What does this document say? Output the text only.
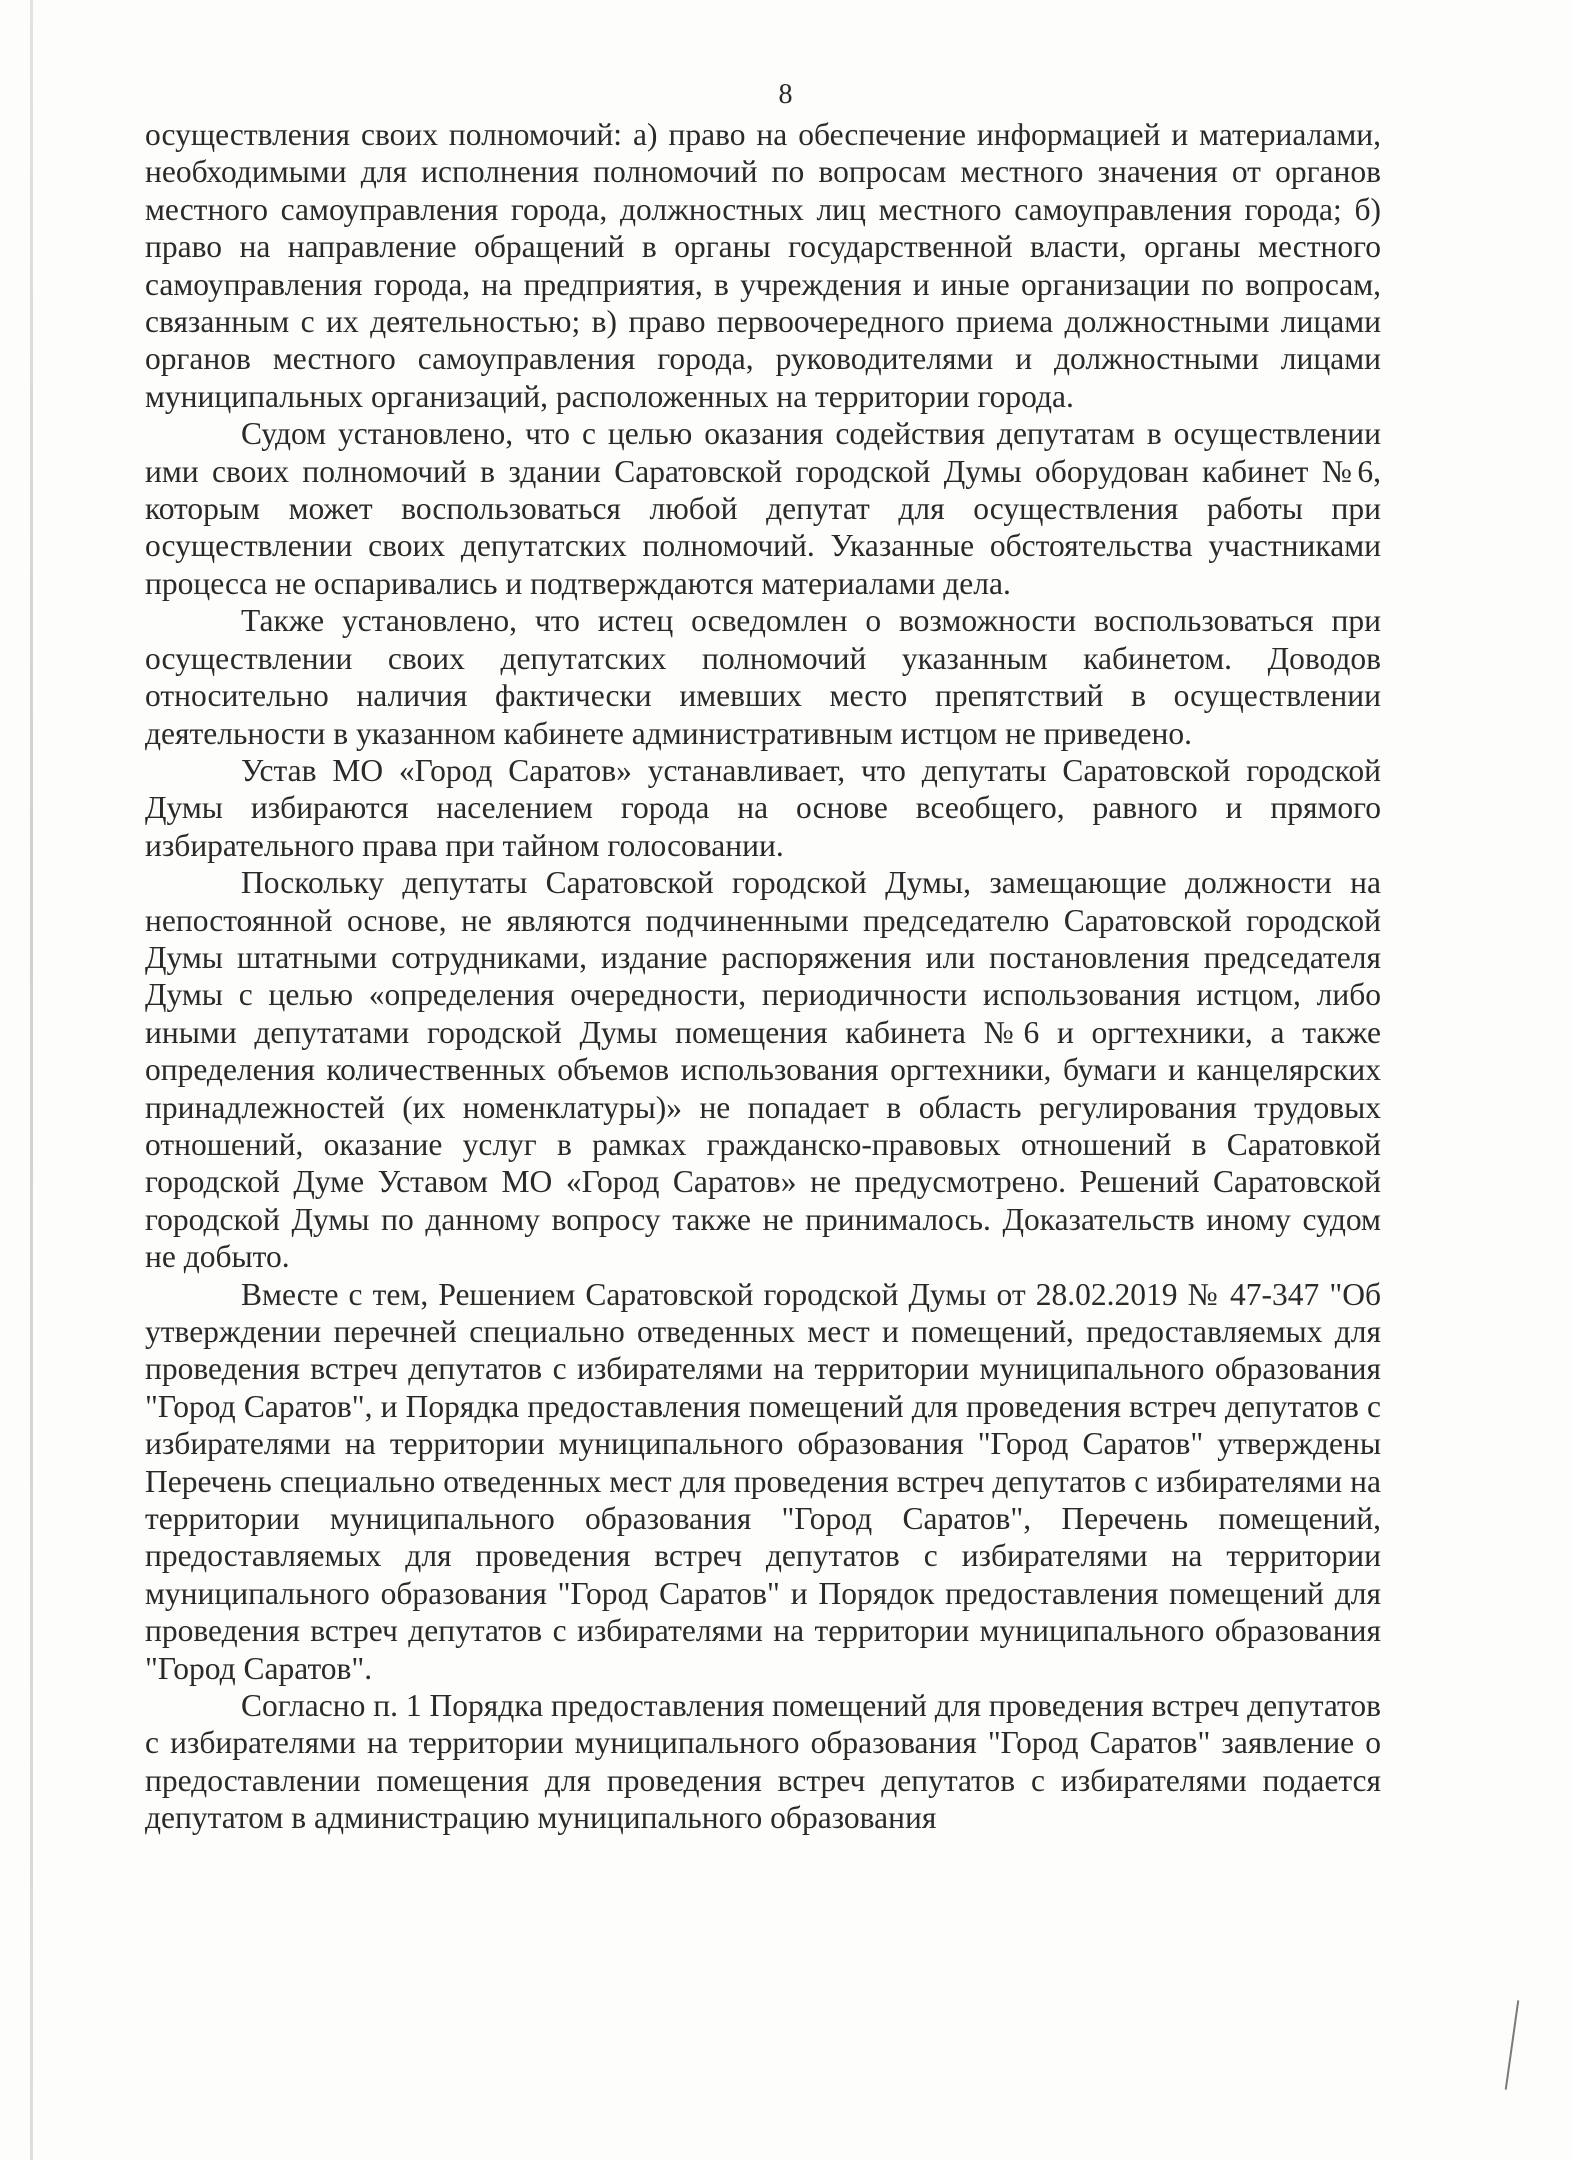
8

осуществления своих полномочий: а) право на обеспечение информацией и материалами, необходимыми для исполнения полномочий по вопросам местного значения от органов местного самоуправления города, должностных лиц местного самоуправления города; б) право на направление обращений в органы государственной власти, органы местного самоуправления города, на предприятия, в учреждения и иные организации по вопросам, связанным с их деятельностью; в) право первоочередного приема должностными лицами органов местного самоуправления города, руководителями и должностными лицами муниципальных организаций, расположенных на территории города.

Судом установлено, что с целью оказания содействия депутатам в осуществлении ими своих полномочий в здании Саратовской городской Думы оборудован кабинет №6, которым может воспользоваться любой депутат для осуществления работы при осуществлении своих депутатских полномочий. Указанные обстоятельства участниками процесса не оспаривались и подтверждаются материалами дела.

Также установлено, что истец осведомлен о возможности воспользоваться при осуществлении своих депутатских полномочий указанным кабинетом. Доводов относительно наличия фактически имевших место препятствий в осуществлении деятельности в указанном кабинете административным истцом не приведено.

Устав МО «Город Саратов» устанавливает, что депутаты Саратовской городской Думы избираются населением города на основе всеобщего, равного и прямого избирательного права при тайном голосовании.

Поскольку депутаты Саратовской городской Думы, замещающие должности на непостоянной основе, не являются подчиненными председателю Саратовской городской Думы штатными сотрудниками, издание распоряжения или постановления председателя Думы с целью «определения очередности, периодичности использования истцом, либо иными депутатами городской Думы помещения кабинета №6 и оргтехники, а также определения количественных объемов использования оргтехники, бумаги и канцелярских принадлежностей (их номенклатуры)» не попадает в область регулирования трудовых отношений, оказание услуг в рамках гражданско-правовых отношений в Саратовкой городской Думе Уставом МО «Город Саратов» не предусмотрено. Решений Саратовской городской Думы по данному вопросу также не принималось. Доказательств иному судом не добыто.

Вместе с тем, Решением Саратовской городской Думы от 28.02.2019 № 47-347 "Об утверждении перечней специально отведенных мест и помещений, предоставляемых для проведения встреч депутатов с избирателями на территории муниципального образования "Город Саратов", и Порядка предоставления помещений для проведения встреч депутатов с избирателями на территории муниципального образования "Город Саратов" утверждены Перечень специально отведенных мест для проведения встреч депутатов с избирателями на территории муниципального образования "Город Саратов", Перечень помещений, предоставляемых для проведения встреч депутатов с избирателями на территории муниципального образования "Город Саратов" и Порядок предоставления помещений для проведения встреч депутатов с избирателями на территории муниципального образования "Город Саратов".

Согласно п. 1 Порядка предоставления помещений для проведения встреч депутатов с избирателями на территории муниципального образования "Город Саратов" заявление о предоставлении помещения для проведения встреч депутатов с избирателями подается депутатом в администрацию муниципального образования
